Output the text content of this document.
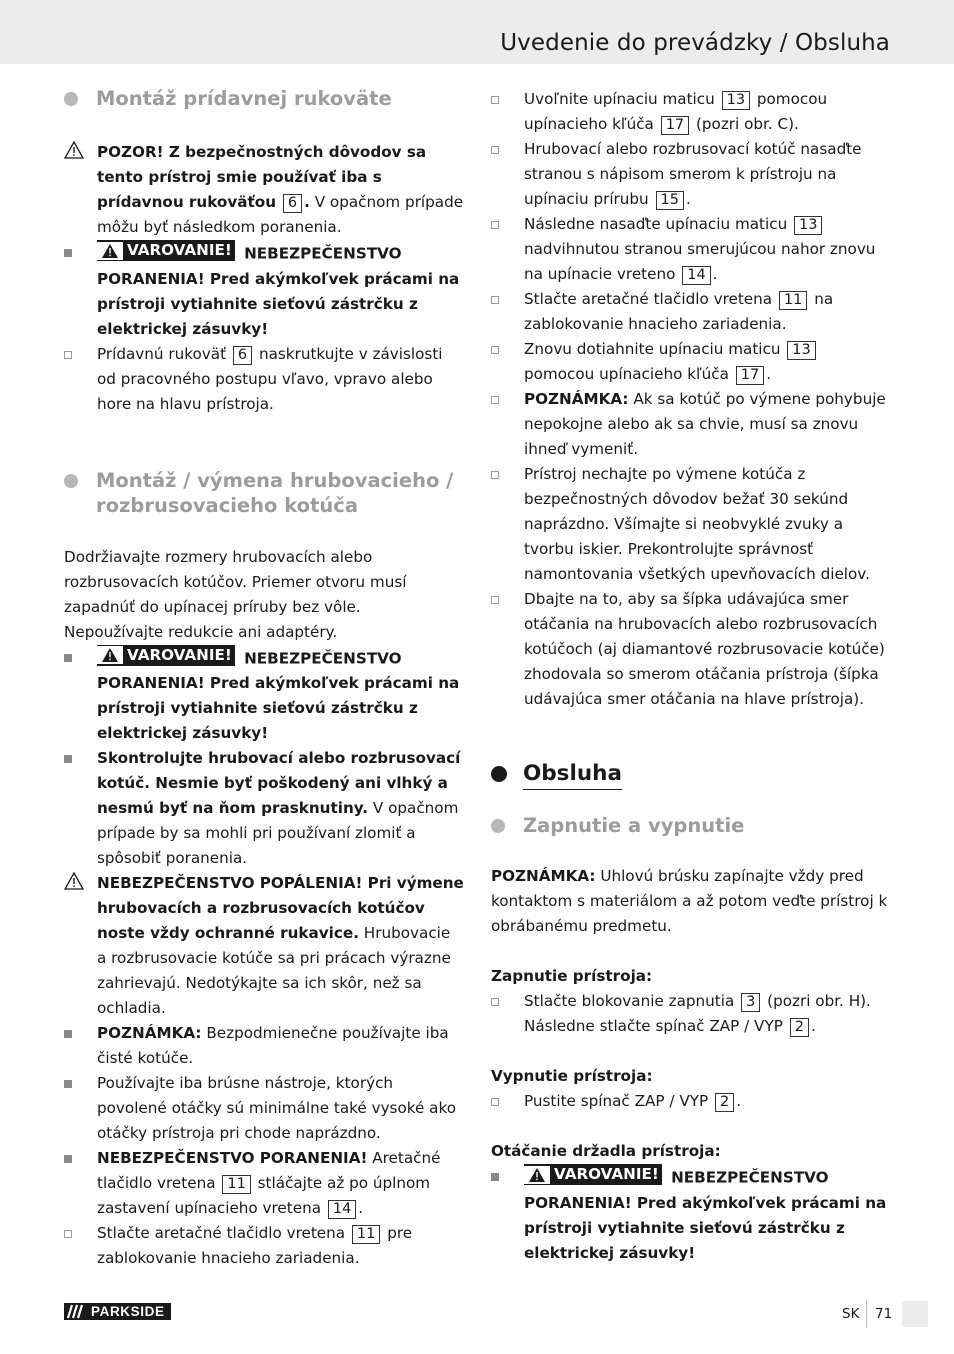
Uvedenie do prevádzky / Obsluha
Montáž prídavnej rukoväte
POZOR! Z bezpečnostných dôvodov sa tento prístroj smie používať iba s prídavnou rukoväťou 6 . V opačnom prípade môžu byť následkom poranenia.
VAROVANIE! NEBEZPEČENSTVO PORANENIA! Pred akýmkoľvek prácami na prístroji vytiahnite sieťovú zástrčku z elektrickej zásuvky!
Prídavnú rukoväť 6 naskrutkujte v závislosti od pracovného postupu vľavo, vpravo alebo hore na hlavu prístroja.
Montáž / výmena hrubovacieho / rozbrusovacieho kotúča
Dodržiavajte rozmery hrubovacích alebo rozbrusovacích kotúčov. Priemer otvoru musí zapadnúť do upínacej príruby bez vôle. Nepoužívajte redukcie ani adaptéry.
VAROVANIE! NEBEZPEČENSTVO PORANENIA! Pred akýmkoľvek prácami na prístroji vytiahnite sieťovú zástrčku z elektrickej zásuvky!
Skontrolujte hrubovací alebo rozbrusovací kotúč. Nesmie byť poškodený ani vlhký a nesmú byť na ňom prasknutiny. V opačnom prípade by sa mohli pri používaní zlomiť a spôsobiť poranenia.
NEBEZPEČENSTVO POPÁLENIA! Pri výmene hrubovacích a rozbrusovacích kotúčov noste vždy ochranné rukavice. Hrubovacie a rozbrusovacie kotúče sa pri prácach výrazne zahrievajú. Nedotýkajte sa ich skôr, než sa ochladia.
POZNÁMKA: Bezpodmienečne používajte iba čisté kotúče.
Používajte iba brúsne nástroje, ktorých povolené otáčky sú minimálne také vysoké ako otáčky prístroja pri chode naprázdno.
NEBEZPEČENSTVO PORANENIA! Aretačné tlačidlo vretena 11 stláčajte až po úplnom zastavení upínacieho vretena 14 .
Stlačte aretačné tlačidlo vretena 11 pre zablokovanie hnacieho zariadenia.
Uvoľnite upínaciu maticu 13 pomocou upínacieho kľúča 17 (pozri obr. C).
Hrubovací alebo rozbrusovací kotúč nasaďte stranou s nápisom smerom k prístroju na upínaciu prírubu 15 .
Následne nasaďte upínaciu maticu 13 nadvihnutou stranou smerujúcou nahor znovu na upínacie vreteno 14 .
Stlačte aretačné tlačidlo vretena 11 na zablokovanie hnacieho zariadenia.
Znovu dotiahnite upínaciu maticu 13 pomocou upínacieho kľúča 17 .
POZNÁMKA: Ak sa kotúč po výmene pohybuje nepokojne alebo ak sa chvie, musí sa znovu ihneď vymeniť.
Prístroj nechajte po výmene kotúča z bezpečnostných dôvodov bežať 30 sekúnd naprázdno. Všímajte si neobvyklé zvuky a tvorbu iskier. Prekontrolujte správnosť namontovania všetkých upevňovacích dielov.
Dbajte na to, aby sa šípka udávajúca smer otáčania na hrubovacích alebo rozbrusovacích kotúčoch (aj diamantové rozbrusovacie kotúče) zhodovala so smerom otáčania prístroja (šípka udávajúca smer otáčania na hlave prístroja).
Obsluha
Zapnutie a vypnutie
POZNÁMKA: Uhlovú brúsku zapínajte vždy pred kontaktom s materiálom a až potom veďte prístroj k obrábanému predmetu.
Zapnutie prístroja:
Stlačte blokovanie zapnutia 3 (pozri obr. H). Následne stlačte spínač ZAP / VYP 2 .
Vypnutie prístroja:
Pustite spínač ZAP / VYP 2 .
Otáčanie držadla prístroja:
VAROVANIE! NEBEZPEČENSTVO PORANENIA! Pred akýmkoľvek prácami na prístroji vytiahnite sieťovú zástrčku z elektrickej zásuvky!
PARKSIDE	SK 71
